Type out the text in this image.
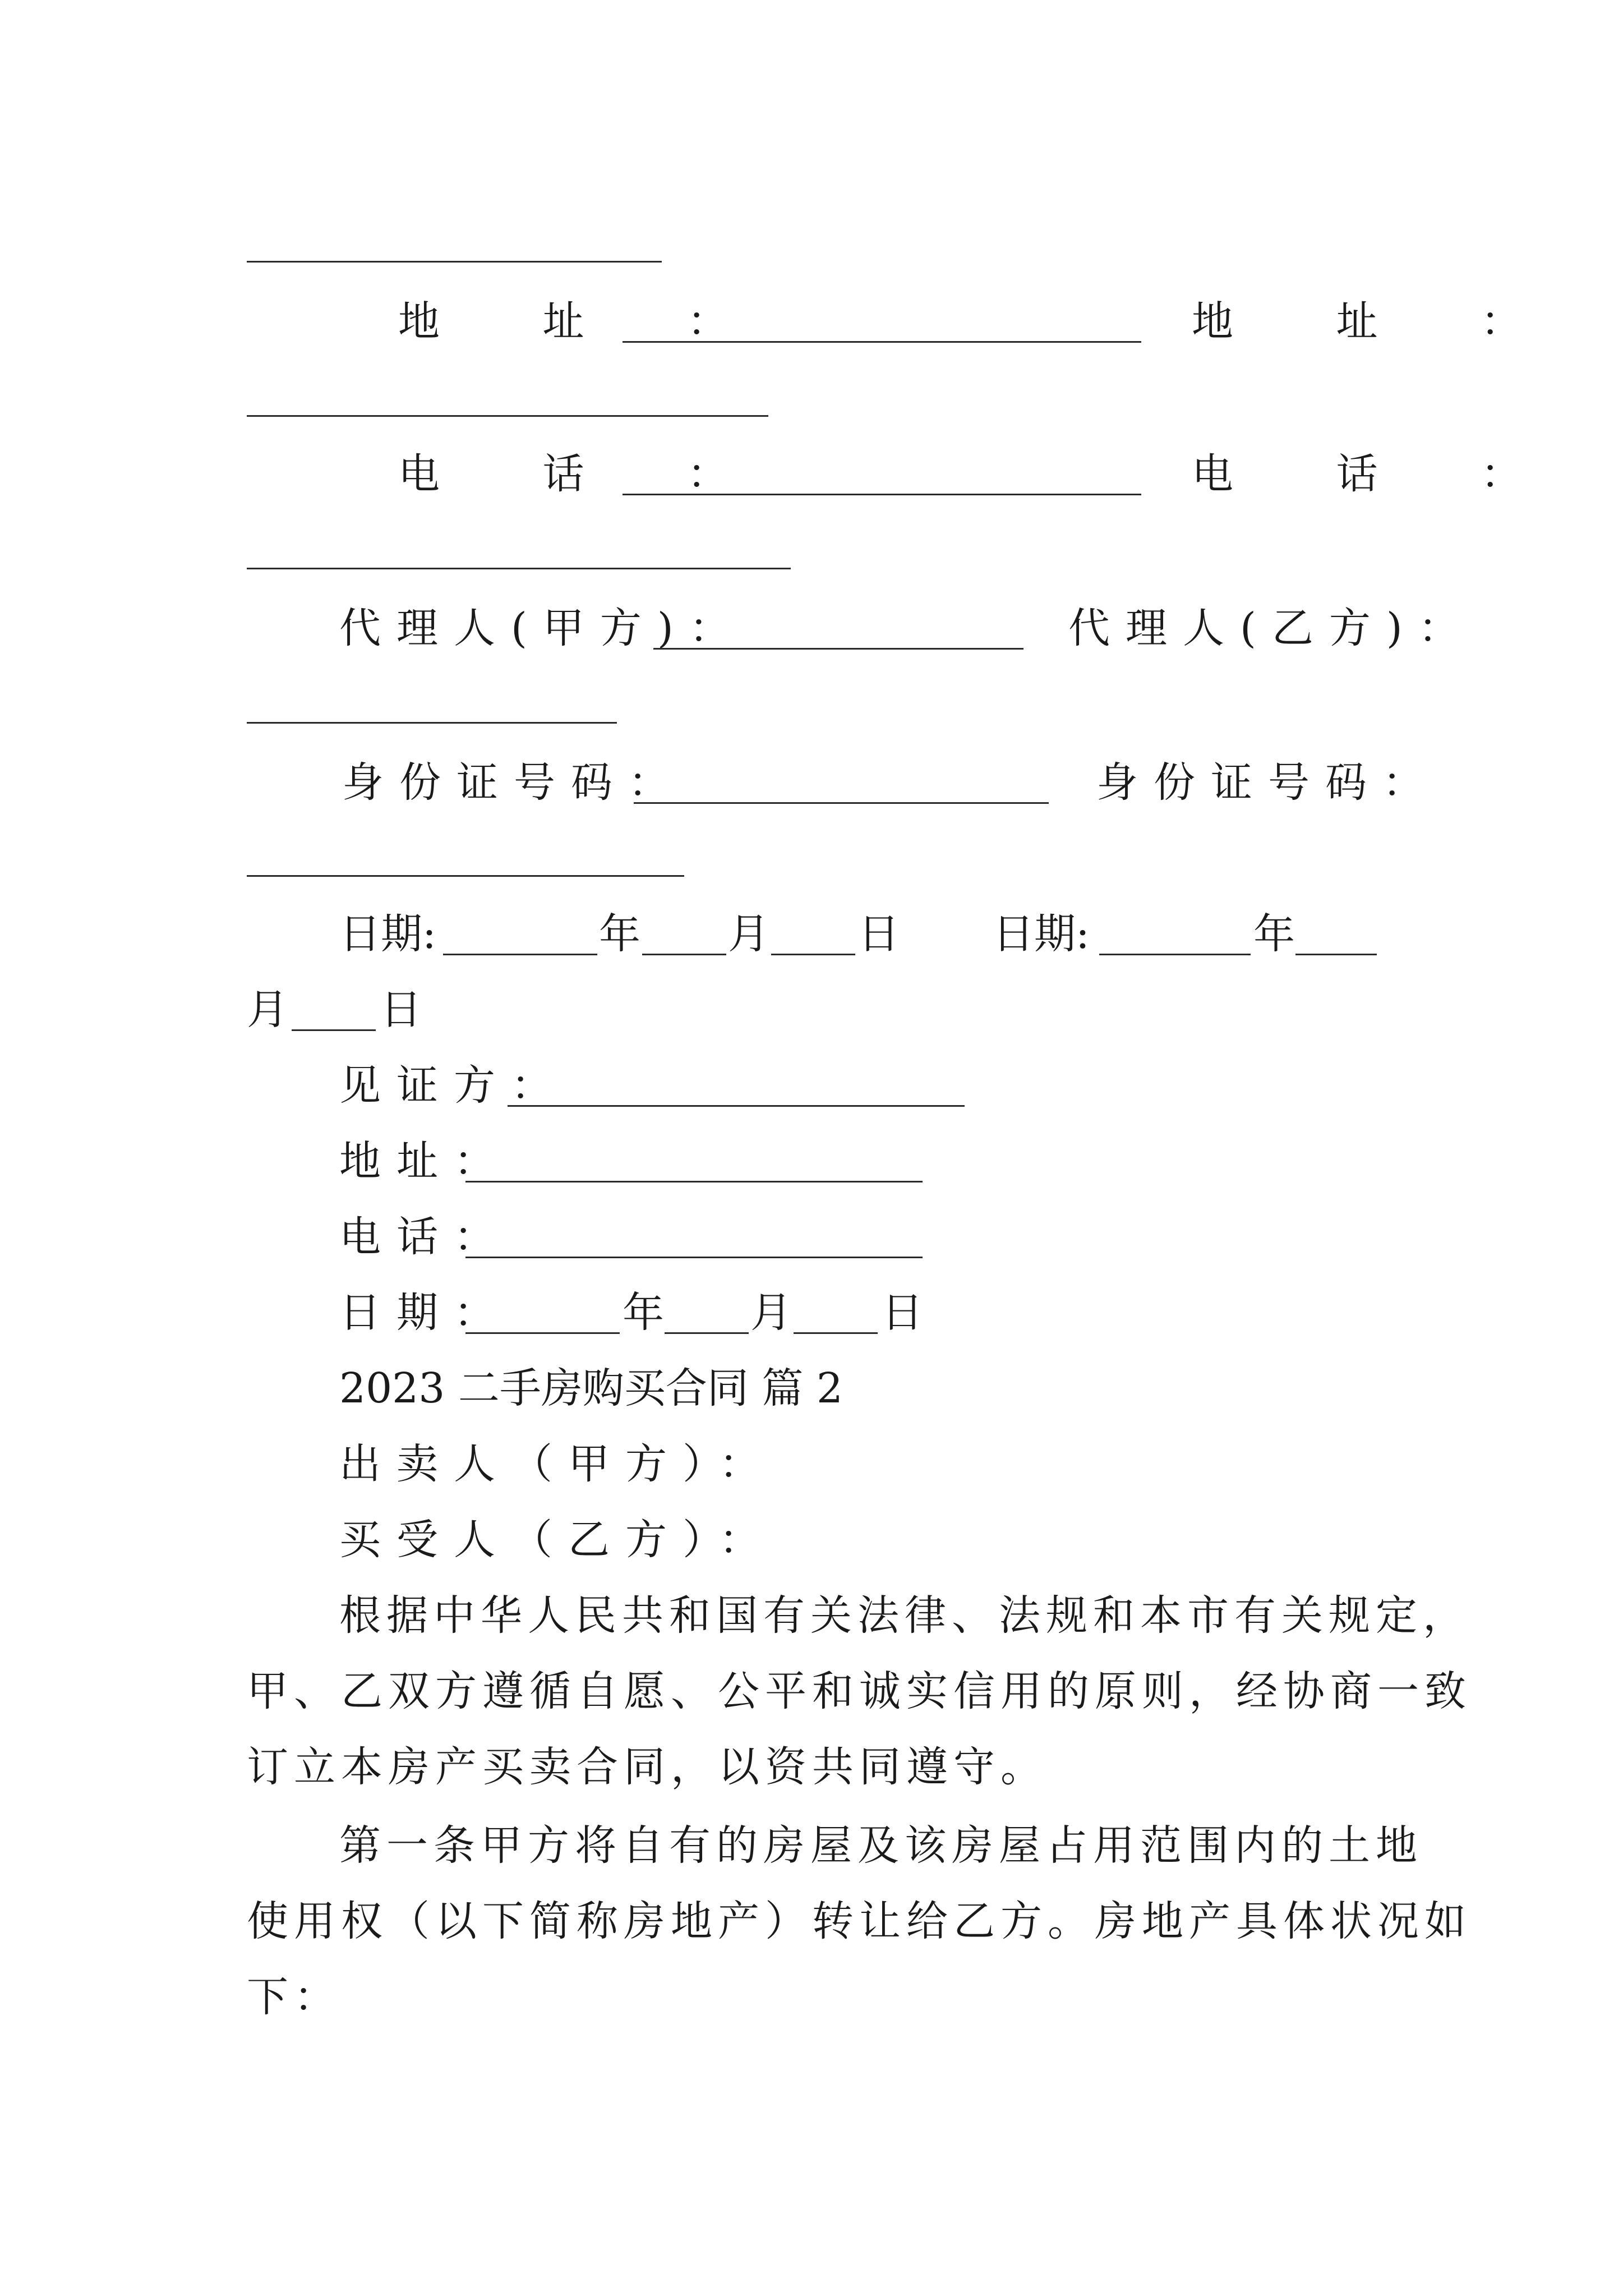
地 址 ：	地 址 ：
电 话 ：	电 话 ：
代理人(甲方)：	代理人(乙方)：
身份证号码：	身份证号码：
日期:	年 月 日 日期:	年
月 日
见证方：
地址：
电话：
日期：	年 月 日
2023 二手房购买合同 篇 2
出卖人（甲方）：
买受人（乙方）：
根据中华人民共和国有关法律、法规和本市有关规定，
甲、乙双方遵循自愿、公平和诚实信用的原则，经协商一致
订立本房产买卖合同，以资共同遵守。
第一条甲方将自有的房屋及该房屋占用范围内的土地
使用权（以下简称房地产）转让给乙方。房地产具体状况如
下：
